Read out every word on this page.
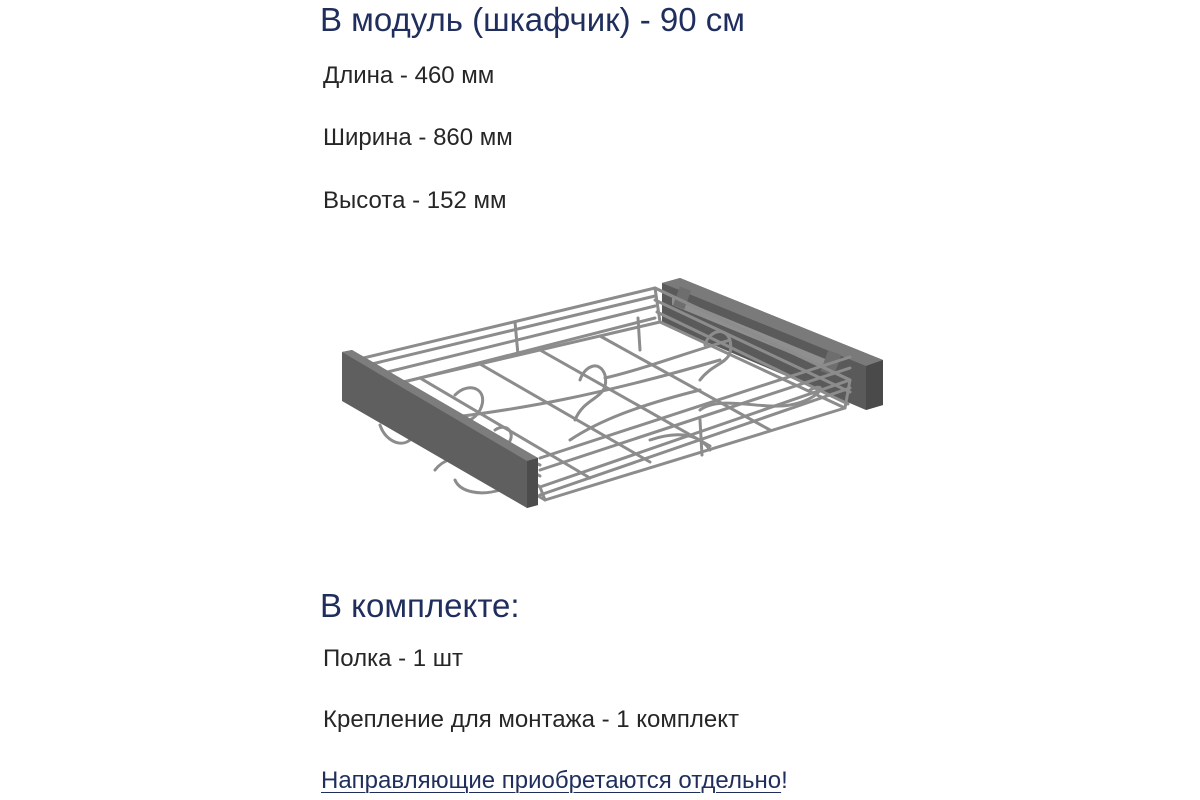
В модуль (шкафчик) - 90 см
Длина - 460 мм
Ширина - 860 мм
Высота - 152 мм
В комплекте:
Полка - 1 шт
Крепление для монтажа - 1 комплект
Направляющие приобретаются отдельно!
